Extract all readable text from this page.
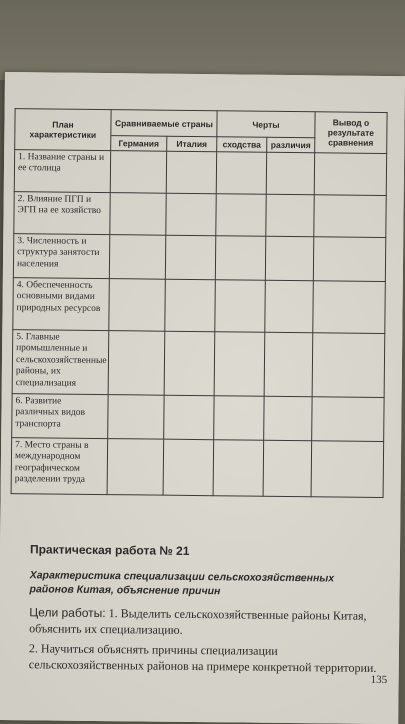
План характеристики	Сравниваемые страны		Черты		Вывод о результате сравнения
	Германия	Италия	сходства	различия	
1. Название страны и ее столица					
2. Влияние ПГП и ЭГП на ее хозяйство					
3. Численность и структура занятости населения					
4. Обеспеченность основными видами природных ресурсов					
5. Главные промышленные и сельскохозяйственные районы, их специализация					
6. Развитие различных видов транспорта					
7. Место страны в международном географическом разделении труда					
Практическая работа № 21
Характеристика специализации сельскохозяйственных районов Китая, объяснение причин
Цели работы: 1. Выделить сельскохозяйственные районы Китая, объяснить их специализацию.
2. Научиться объяснять причины специализации сельскохозяйственных районов на примере конкретной территории.
135
